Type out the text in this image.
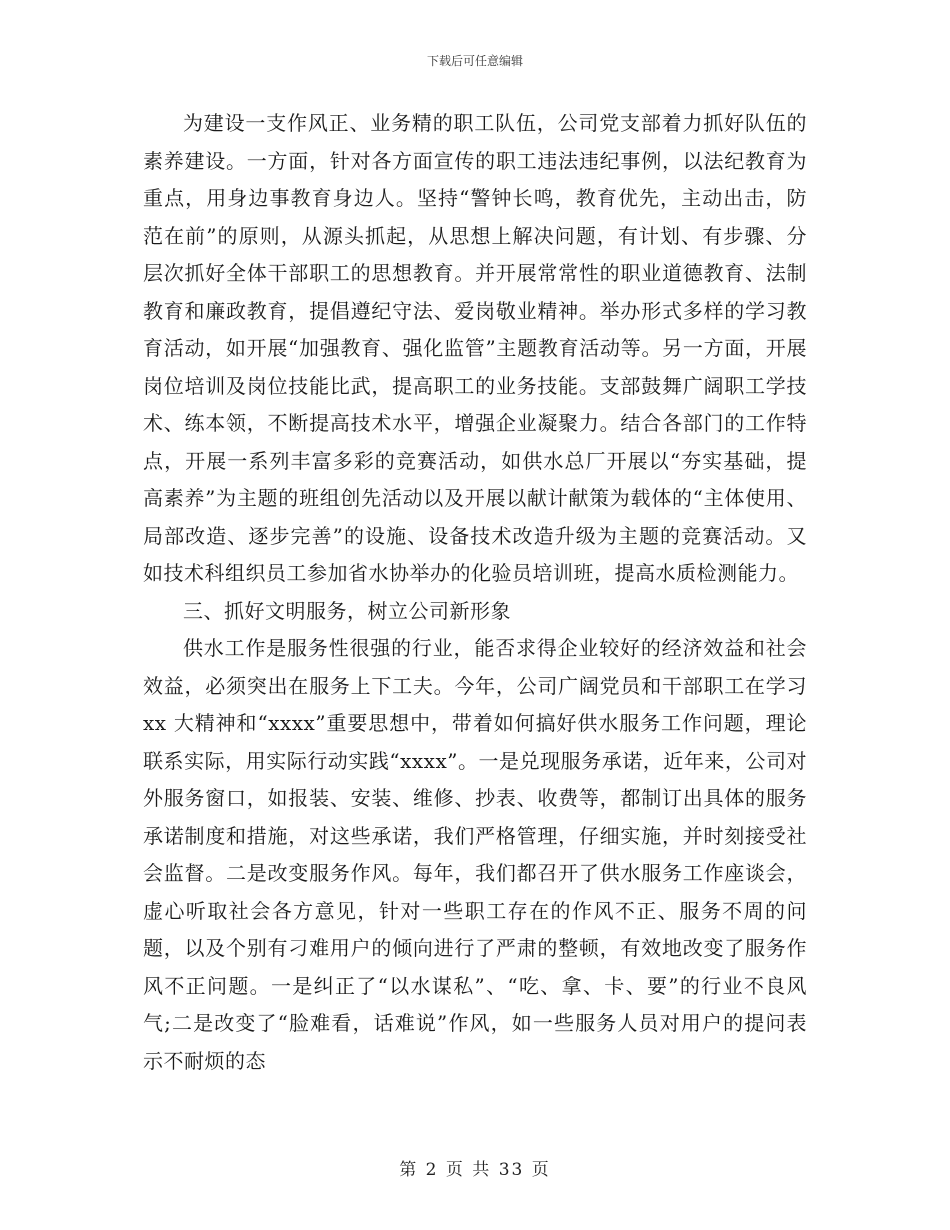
下载后可任意编辑

为建设一支作风正、业务精的职工队伍，公司党支部着力抓好队伍的素养建设。一方面，针对各方面宣传的职工违法违纪事例，以法纪教育为重点，用身边事教育身边人。坚持“警钟长鸣，教育优先，主动出击，防范在前”的原则，从源头抓起，从思想上解决问题，有计划、有步骤、分层次抓好全体干部职工的思想教育。并开展常常性的职业道德教育、法制教育和廉政教育，提倡遵纪守法、爱岗敬业精神。举办形式多样的学习教育活动，如开展“加强教育、强化监管”主题教育活动等。另一方面，开展岗位培训及岗位技能比武，提高职工的业务技能。支部鼓舞广阔职工学技术、练本领，不断提高技术水平，增强企业凝聚力。结合各部门的工作特点，开展一系列丰富多彩的竞赛活动，如供水总厂开展以“夯实基础，提高素养”为主题的班组创先活动以及开展以献计献策为载体的“主体使用、局部改造、逐步完善”的设施、设备技术改造升级为主题的竞赛活动。又如技术科组织员工参加省水协举办的化验员培训班，提高水质检测能力。

三、抓好文明服务，树立公司新形象

供水工作是服务性很强的行业，能否求得企业较好的经济效益和社会效益，必须突出在服务上下工夫。今年，公司广阔党员和干部职工在学习 xx 大精神和“xxxx”重要思想中，带着如何搞好供水服务工作问题，理论联系实际，用实际行动实践“xxxx”。一是兑现服务承诺，近年来，公司对外服务窗口，如报装、安装、维修、抄表、收费等，都制订出具体的服务承诺制度和措施，对这些承诺，我们严格管理，仔细实施，并时刻接受社会监督。二是改变服务作风。每年，我们都召开了供水服务工作座谈会，虚心听取社会各方意见，针对一些职工存在的作风不正、服务不周的问题，以及个别有刁难用户的倾向进行了严肃的整顿，有效地改变了服务作风不正问题。一是纠正了“以水谋私”、“吃、拿、卡、要”的行业不良风气;二是改变了“脸难看，话难说”作风，如一些服务人员对用户的提问表示不耐烦的态

第 2 页 共 33 页
